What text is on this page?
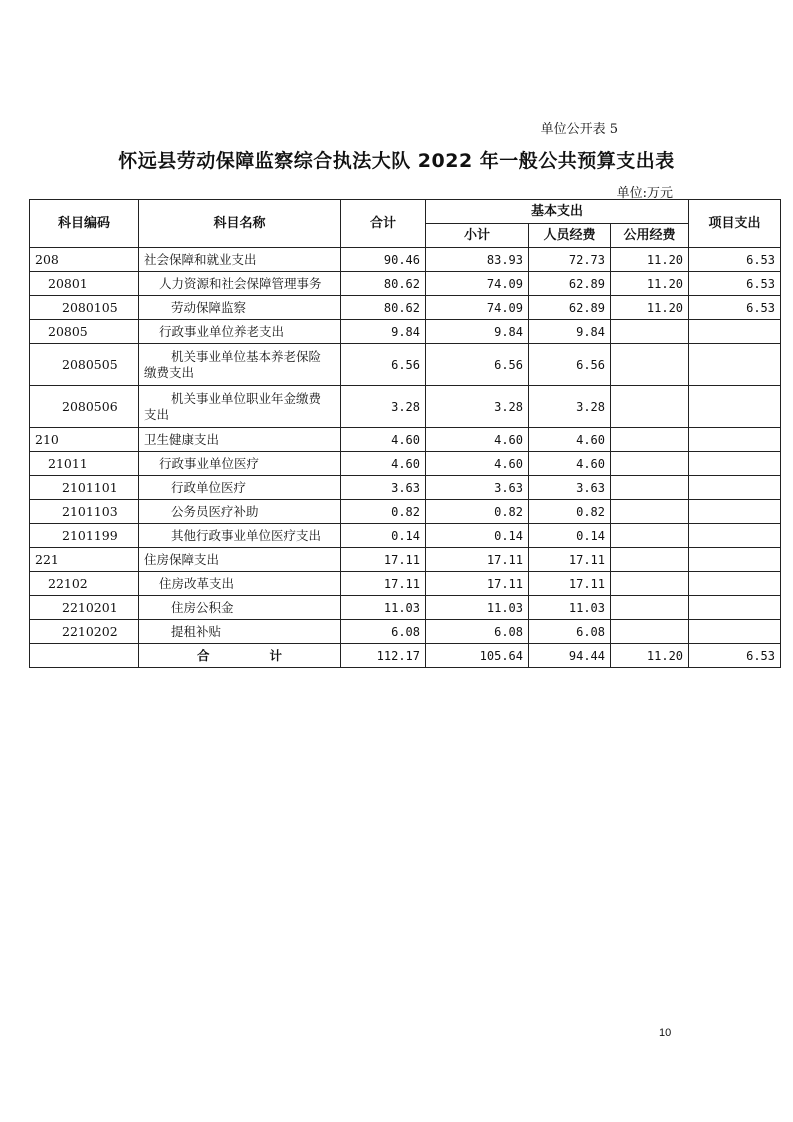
单位公开表 5
怀远县劳动保障监察综合执法大队 2022 年一般公共预算支出表
单位:万元
科目编码	科目名称	合计	基本支出			项目支出
			小计	人员经费	公用经费	
208	社会保障和就业支出	90.46	83.93	72.73	11.20	6.53
20801	人力资源和社会保障管理事务	80.62	74.09	62.89	11.20	6.53
2080105	劳动保障监察	80.62	74.09	62.89	11.20	6.53
20805	行政事业单位养老支出	9.84	9.84	9.84		
2080505	机关事业单位基本养老保险
缴费支出	6.56	6.56	6.56		
2080506	机关事业单位职业年金缴费
支出	3.28	3.28	3.28		
210	卫生健康支出	4.60	4.60	4.60		
21011	行政事业单位医疗	4.60	4.60	4.60		
2101101	行政单位医疗	3.63	3.63	3.63		
2101103	公务员医疗补助	0.82	0.82	0.82		
2101199	其他行政事业单位医疗支出	0.14	0.14	0.14		
221	住房保障支出	17.11	17.11	17.11		
22102	住房改革支出	17.11	17.11	17.11		
2210201	住房公积金	11.03	11.03	11.03		
2210202	提租补贴	6.08	6.08	6.08		
	合 计	112.17	105.64	94.44	11.20	6.53
10
